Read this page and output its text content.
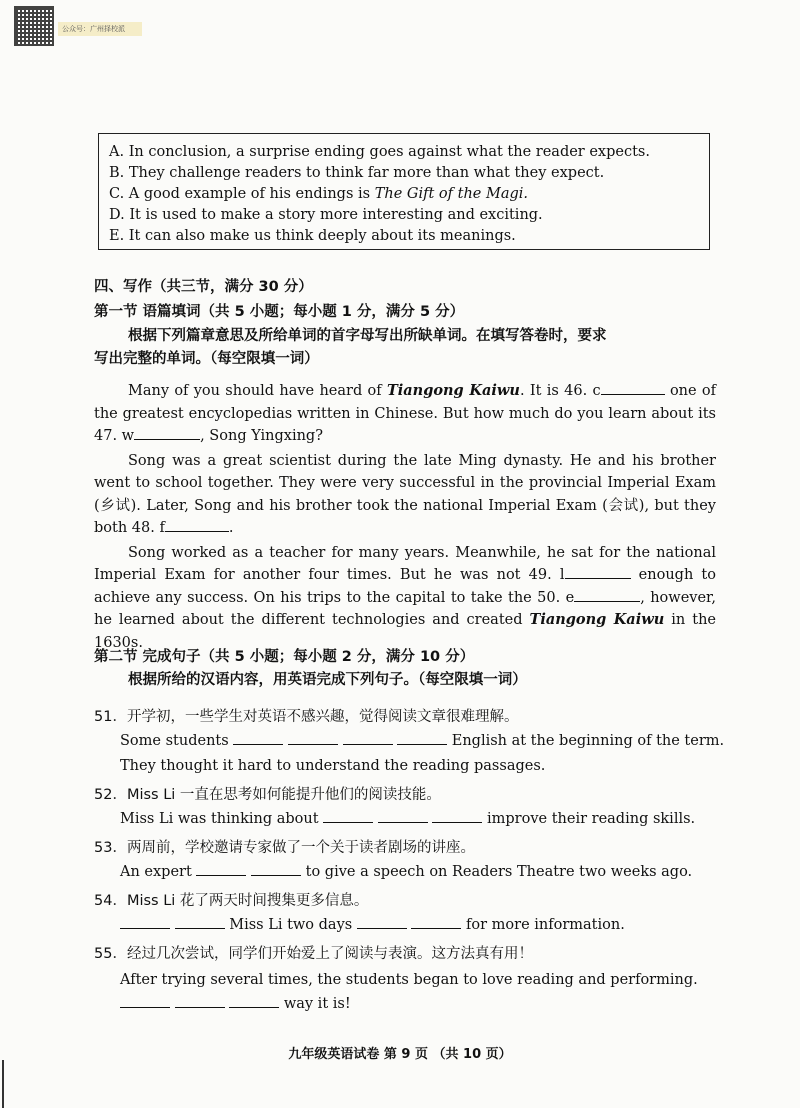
公众号：广州择校派

A. In conclusion, a surprise ending goes against what the reader expects.

B. They challenge readers to think far more than what they expect.

C. A good example of his endings is The Gift of the Magi.

D. It is used to make a story more interesting and exciting.

E. It can also make us think deeply about its meanings.

四、写作（共三节，满分 30 分）
第一节 语篇填词（共 5 小题；每小题 1 分，满分 5 分）
根据下列篇章意思及所给单词的首字母写出所缺单词。在填写答卷时，要求
写出完整的单词。（每空限填一词）

Many of you should have heard of Tiangong Kaiwu. It is 46. c	one of the greatest encyclopedias written in Chinese. But how much do you learn about its 47. w	, Song Yingxing?

Song was a great scientist during the late Ming dynasty. He and his brother went to school together. They were very successful in the provincial Imperial Exam (乡试). Later, Song and his brother took the national Imperial Exam (会试), but they both 48. f	.

Song worked as a teacher for many years. Meanwhile, he sat for the national Imperial Exam for another four times. But he was not 49. l	enough to achieve any success. On his trips to the capital to take the 50. e	, however, he learned about the different technologies and created Tiangong Kaiwu in the 1630s.

第二节 完成句子（共 5 小题；每小题 2 分，满分 10 分）
根据所给的汉语内容，用英语完成下列句子。（每空限填一词）
51．开学初，一些学生对英语不感兴趣，觉得阅读文章很难理解。
Some students	English at the beginning of the term.
They thought it hard to understand the reading passages.
52．Miss Li 一直在思考如何能提升他们的阅读技能。
Miss Li was thinking about	improve their reading skills.
53．两周前，学校邀请专家做了一个关于读者剧场的讲座。
An expert	to give a speech on Readers Theatre two weeks ago.
54．Miss Li 花了两天时间搜集更多信息。
Miss Li two days	for more information.
55．经过几次尝试，同学们开始爱上了阅读与表演。这方法真有用！
After trying several times, the students began to love reading and performing.
way it is!
九年级英语试卷 第 9 页 （共 10 页）
